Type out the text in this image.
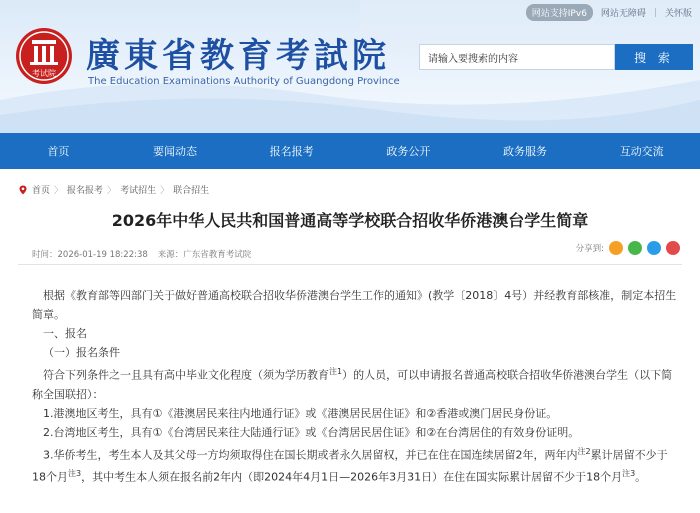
网站支持IPv6	网站无障碍 | 关怀版
考试院 廣東省教育考試院
The Education Examinations Authority of Guangdong Province
请输入要搜索的内容	搜 索
首页	要闻动态	报名报考	政务公开	政务服务	互动交流
首页 〉 报名报考 〉 考试招生 〉 联合招生
2026年中华人民共和国普通高等学校联合招收华侨港澳台学生简章
时间：2026-01-19 18:22:38 来源：广东省教育考试院
分享到:

根据《教育部等四部门关于做好普通高校联合招收华侨港澳台学生工作的通知》(教学〔2018〕4号）并经教育部核准，制定本招生简章。

一、报名

（一）报名条件

符合下列条件之一且具有高中毕业文化程度（须为学历教育$^{注1}$）的人员，可以申请报名普通高校联合招收华侨港澳台学生（以下简称全国联招）：

1.港澳地区考生，具有①《港澳居民来往内地通行证》或《港澳居民居住证》和②香港或澳门居民身份证。

2.台湾地区考生，具有①《台湾居民来往大陆通行证》或《台湾居民居住证》和②在台湾居住的有效身份证明。

3.华侨考生，考生本人及其父母一方均须取得住在国长期或者永久居留权，并已在住在国连续居留2年，两年内$^{注2}$累计居留不少于18个月$^{注3}$，其中考生本人须在报名前2年内（即2024年4月1日—2026年3月31日）在住在国实际累计居留不少于18个月$^{注3}$。
